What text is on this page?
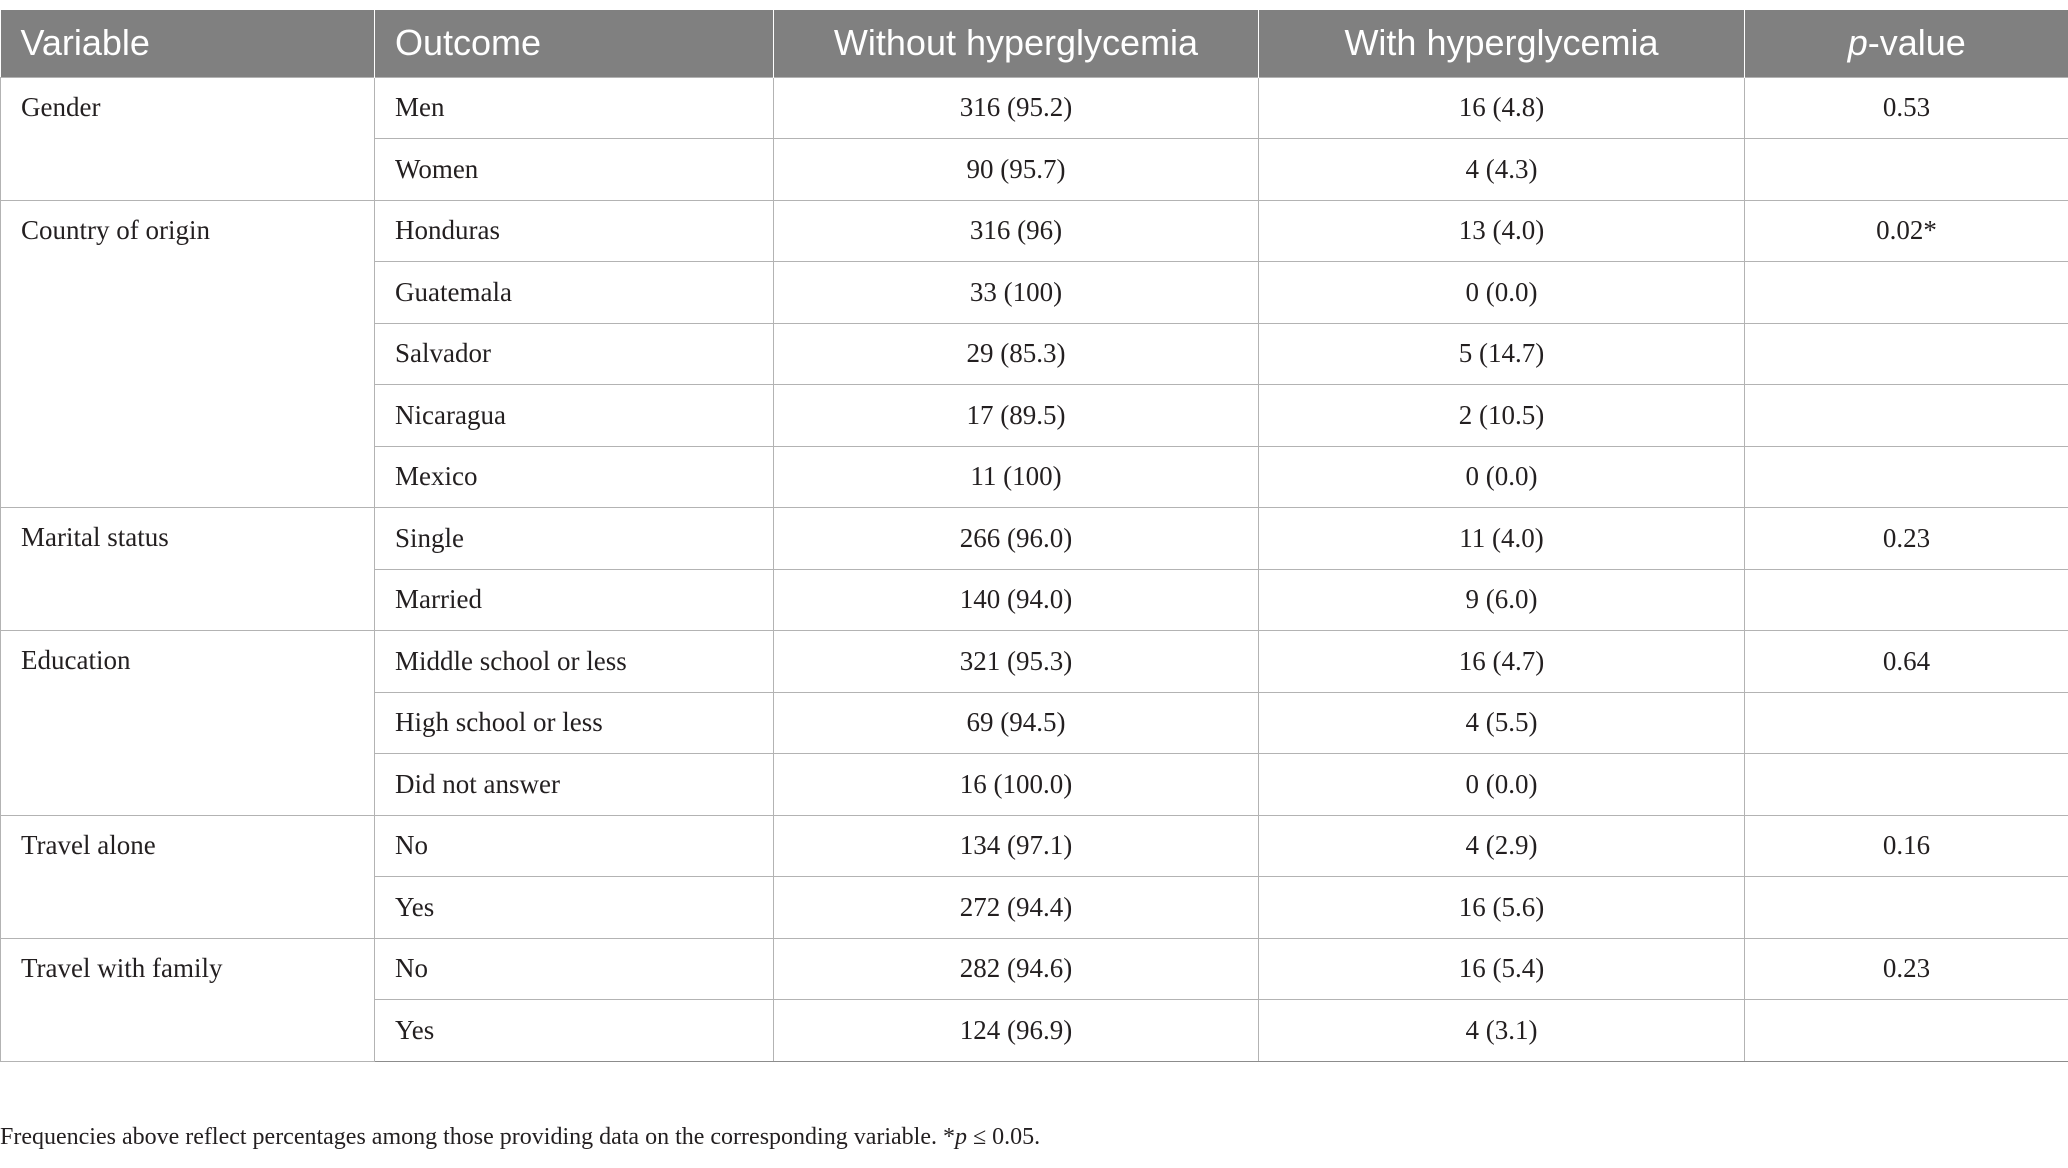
Variable	Outcome	Without hyperglycemia	With hyperglycemia	p-value
Gender	Men	316 (95.2)	16 (4.8)	0.53
	Women	90 (95.7)	4 (4.3)	
Country of origin	Honduras	316 (96)	13 (4.0)	0.02*
	Guatemala	33 (100)	0 (0.0)	
	Salvador	29 (85.3)	5 (14.7)	
	Nicaragua	17 (89.5)	2 (10.5)	
	Mexico	11 (100)	0 (0.0)	
Marital status	Single	266 (96.0)	11 (4.0)	0.23
	Married	140 (94.0)	9 (6.0)	
Education	Middle school or less	321 (95.3)	16 (4.7)	0.64
	High school or less	69 (94.5)	4 (5.5)	
	Did not answer	16 (100.0)	0 (0.0)	
Travel alone	No	134 (97.1)	4 (2.9)	0.16
	Yes	272 (94.4)	16 (5.6)	
Travel with family	No	282 (94.6)	16 (5.4)	0.23
	Yes	124 (96.9)	4 (3.1)	
Frequencies above reflect percentages among those providing data on the corresponding variable. *p ≤ 0.05.
